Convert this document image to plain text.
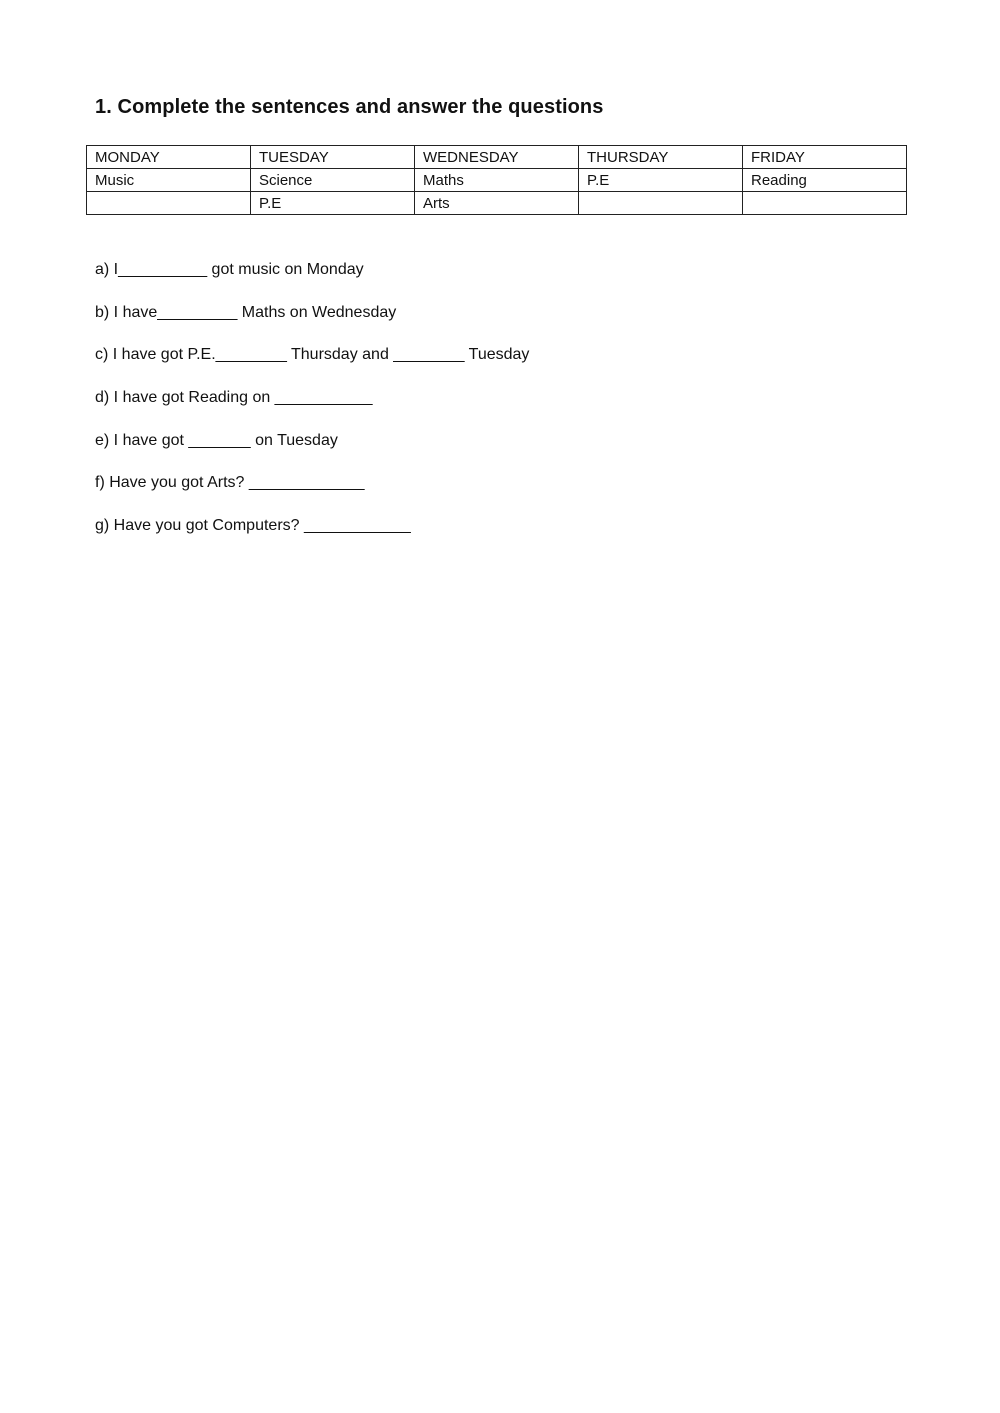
1. Complete the sentences and answer the questions
MONDAY	TUESDAY	WEDNESDAY	THURSDAY	FRIDAY
Music	Science	Maths	P.E	Reading
	P.E	Arts		
a) I__________ got music on Monday
b) I have_________ Maths on Wednesday
c) I have got P.E.________ Thursday and ________ Tuesday
d) I have got Reading on ___________
e) I have got _______ on Tuesday
f) Have you got Arts? _____________
g) Have you got Computers? ____________
